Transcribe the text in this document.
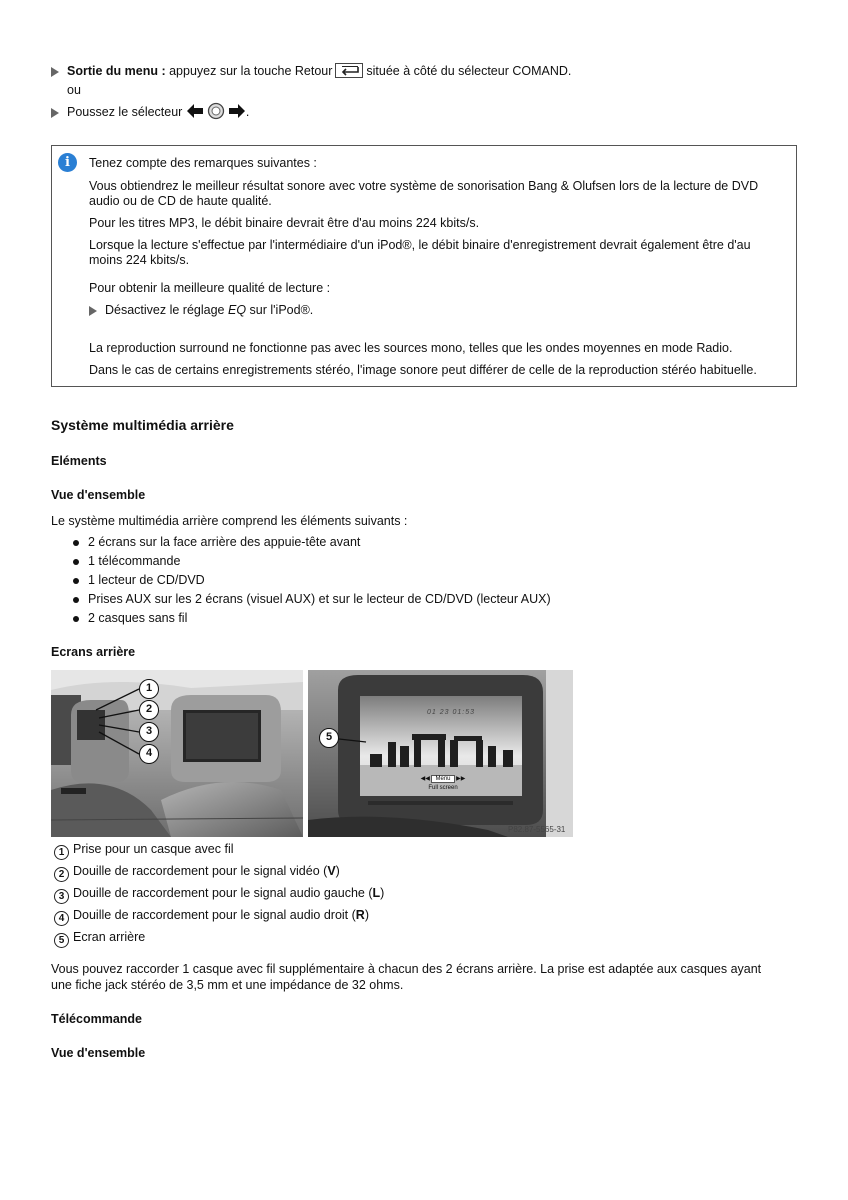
Sortie du menu : appuyez sur la touche Retour	située à côté du sélecteur COMAND.
ou
Poussez le sélecteur	.
i	Tenez compte des remarques suivantes :
Vous obtiendrez le meilleur résultat sonore avec votre système de sonorisation Bang & Olufsen lors de la lecture de DVD
audio ou de CD de haute qualité.
Pour les titres MP3, le débit binaire devrait être d'au moins 224 kbits/s.
Lorsque la lecture s'effectue par l'intermédiaire d'un iPod®, le débit binaire d'enregistrement devrait également être d'au
moins 224 kbits/s.
Pour obtenir la meilleure qualité de lecture :
Désactivez le réglage EQ sur l'iPod®.
La reproduction surround ne fonctionne pas avec les sources mono, telles que les ondes moyennes en mode Radio.
Dans le cas de certains enregistrements stéréo, l'image sonore peut différer de celle de la reproduction stéréo habituelle.
Système multimédia arrière
Eléments
Vue d'ensemble
Le système multimédia arrière comprend les éléments suivants :
2 écrans sur la face arrière des appuie-tête avant
1 télécommande
1 lecteur de CD/DVD
Prises AUX sur les 2 écrans (visuel AUX) et sur le lecteur de CD/DVD (lecteur AUX)
2 casques sans fil
Ecrans arrière
1
2
3
4
01 23 01:53
◀◀ Menu ▶▶
Full screen
5
P82.87-5565-31
1 Prise pour un casque avec fil
2 Douille de raccordement pour le signal vidéo (V)
3 Douille de raccordement pour le signal audio gauche (L)
4 Douille de raccordement pour le signal audio droit (R)
5 Ecran arrière
Vous pouvez raccorder 1 casque avec fil supplémentaire à chacun des 2 écrans arrière. La prise est adaptée aux casques ayant
une fiche jack stéréo de 3,5 mm et une impédance de 32 ohms.
Télécommande
Vue d'ensemble
